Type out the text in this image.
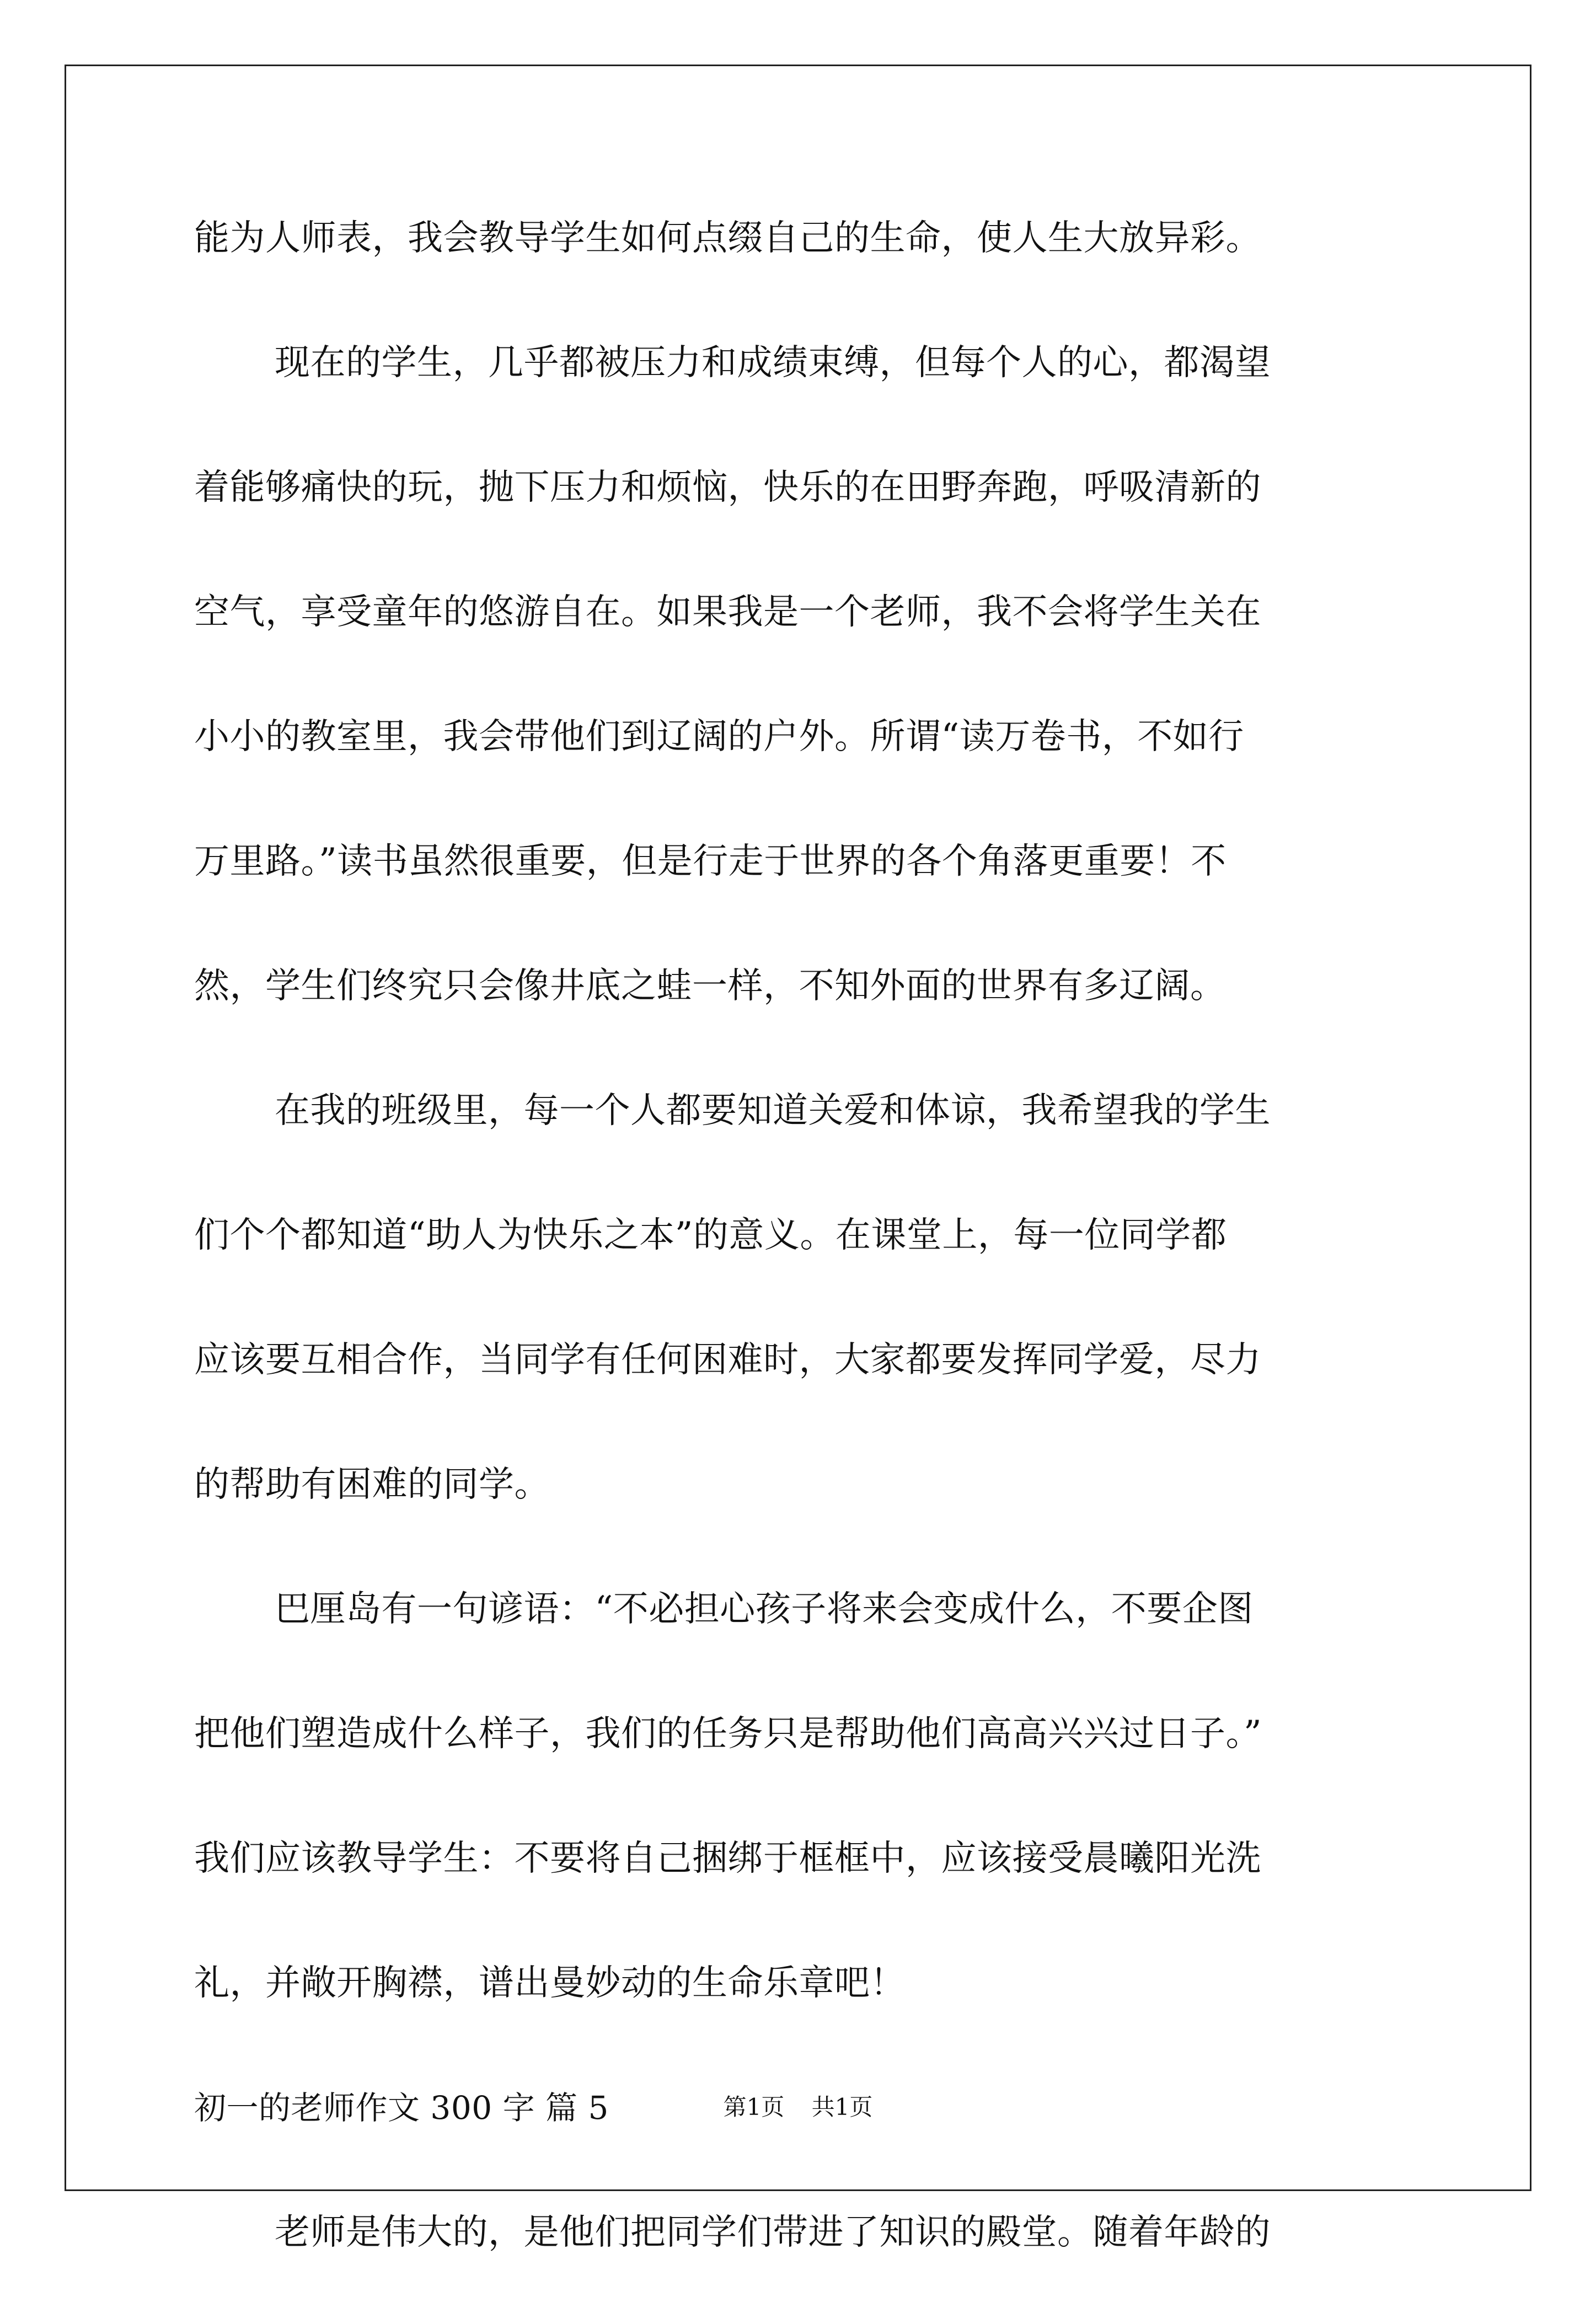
能为人师表，我会教导学生如何点缀自己的生命，使人生大放异彩。
现在的学生，几乎都被压力和成绩束缚，但每个人的心，都渴望
着能够痛快的玩，抛下压力和烦恼，快乐的在田野奔跑，呼吸清新的
空气，享受童年的悠游自在。如果我是一个老师，我不会将学生关在
小小的教室里，我会带他们到辽阔的户外。所谓“读万卷书，不如行
万里路。”读书虽然很重要，但是行走于世界的各个角落更重要！不
然，学生们终究只会像井底之蛙一样，不知外面的世界有多辽阔。
在我的班级里，每一个人都要知道关爱和体谅，我希望我的学生
们个个都知道“助人为快乐之本”的意义。在课堂上，每一位同学都
应该要互相合作，当同学有任何困难时，大家都要发挥同学爱，尽力
的帮助有困难的同学。
巴厘岛有一句谚语：“不必担心孩子将来会变成什么，不要企图
把他们塑造成什么样子，我们的任务只是帮助他们高高兴兴过日子。”
我们应该教导学生：不要将自己捆绑于框框中，应该接受晨曦阳光洗
礼，并敞开胸襟，谱出曼妙动的生命乐章吧！
初一的老师作文 300 字 篇 5
老师是伟大的，是他们把同学们带进了知识的殿堂。随着年龄的
第1页 共1页
